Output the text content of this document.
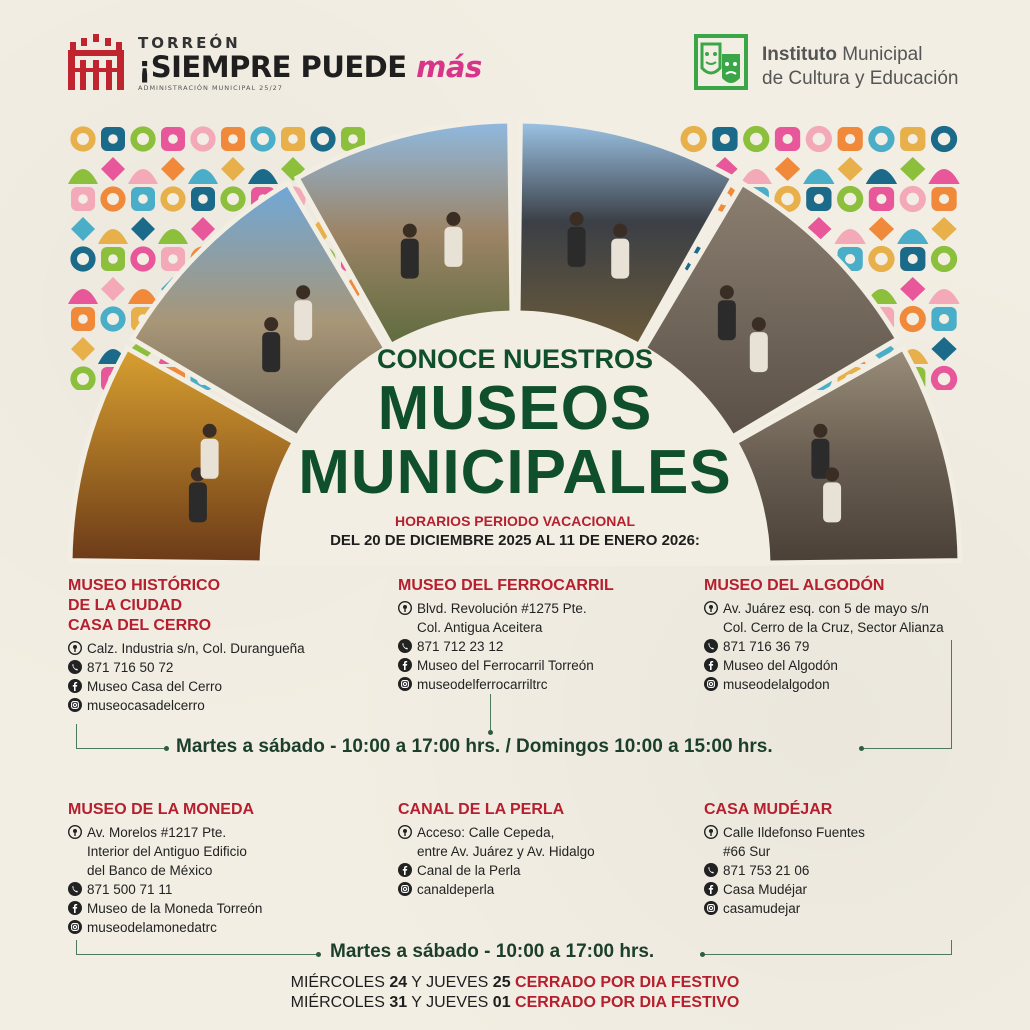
TORREÓN
¡SIEMPRE PUEDE más
ADMINISTRACIÓN MUNICIPAL 25/27
Instituto Municipal
de Cultura y Educación
CONOCE NUESTROS
MUSEOS
MUNICIPALES
HORARIOS PERIODO VACACIONAL
DEL 20 DE DICIEMBRE 2025 AL 11 DE ENERO 2026:
MUSEO HISTÓRICO
DE LA CIUDAD
CASA DEL CERRO
Calz. Industria s/n, Col. Durangueña
871 716 50 72
Museo Casa del Cerro
museocasadelcerro
MUSEO DEL FERROCARRIL
Blvd. Revolución #1275 Pte.
Col. Antigua Aceitera
871 712 23 12
Museo del Ferrocarril Torreón
museodelferrocarriltrc
MUSEO DEL ALGODÓN
Av. Juárez esq. con 5 de mayo s/n
Col. Cerro de la Cruz, Sector Alianza
871 716 36 79
Museo del Algodón
museodelalgodon
Martes a sábado - 10:00 a 17:00 hrs. / Domingos 10:00 a 15:00 hrs.
MUSEO DE LA MONEDA
Av. Morelos #1217 Pte.
Interior del Antiguo Edificio
del Banco de México
871 500 71 11
Museo de la Moneda Torreón
museodelamonedatrc
CANAL DE LA PERLA
Acceso: Calle Cepeda,
entre Av. Juárez y Av. Hidalgo
Canal de la Perla
canaldeperla
CASA MUDÉJAR
Calle Ildefonso Fuentes
#66 Sur
871 753 21 06
Casa Mudéjar
casamudejar
Martes a sábado - 10:00 a 17:00 hrs.
MIÉRCOLES 24 Y JUEVES 25 CERRADO POR DIA FESTIVO
MIÉRCOLES 31 Y JUEVES 01 CERRADO POR DIA FESTIVO
